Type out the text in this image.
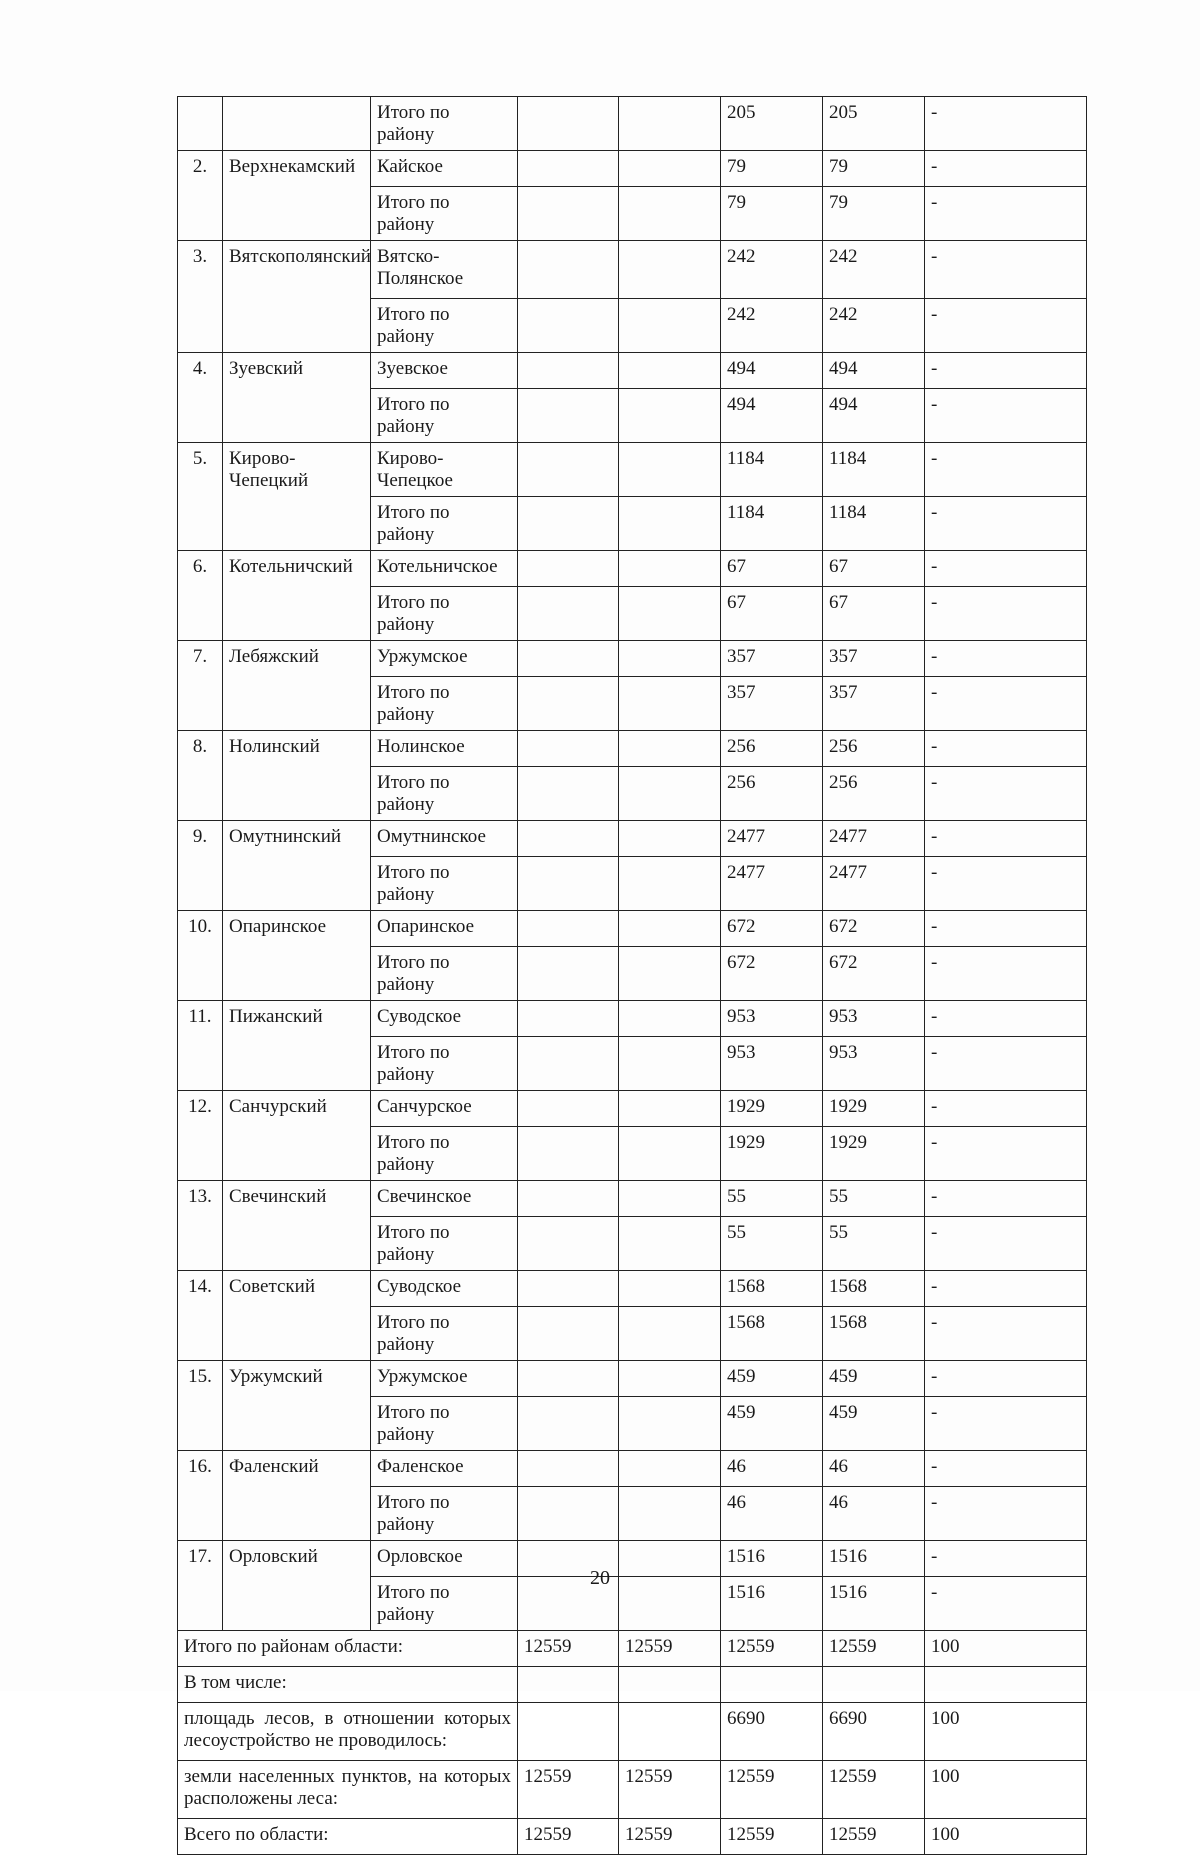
		Итого по району			205	205	-
2.	Верхнекамский	Кайское			79	79	-
		Итого по району			79	79	-
3.	Вятскополянский	Вятско-Полянское			242	242	-
		Итого по району			242	242	-
4.	Зуевский	Зуевское			494	494	-
		Итого по району			494	494	-
5.	Кирово-Чепецкий	Кирово-Чепецкое			1184	1184	-
		Итого по району			1184	1184	-
6.	Котельничский	Котельничское			67	67	-
		Итого по району			67	67	-
7.	Лебяжский	Уржумское			357	357	-
		Итого по району			357	357	-
8.	Нолинский	Нолинское			256	256	-
		Итого по району			256	256	-
9.	Омутнинский	Омутнинское			2477	2477	-
		Итого по району			2477	2477	-
10.	Опаринское	Опаринское			672	672	-
		Итого по району			672	672	-
11.	Пижанский	Суводское			953	953	-
		Итого по району			953	953	-
12.	Санчурский	Санчурское			1929	1929	-
		Итого по району			1929	1929	-
13.	Свечинский	Свечинское			55	55	-
		Итого по району			55	55	-
14.	Советский	Суводское			1568	1568	-
		Итого по району			1568	1568	-
15.	Уржумский	Уржумское			459	459	-
		Итого по району			459	459	-
16.	Фаленский	Фаленское			46	46	-
		Итого по району			46	46	-
17.	Орловский	Орловское			1516	1516	-
		Итого по району			1516	1516	-
Итого по районам области:			12559	12559	12559	12559	100
В том числе:							
площадь лесов, в отношении которых лесоустройство не проводилось:					6690	6690	100
земли населенных пунктов, на которых расположены леса:			12559	12559	12559	12559	100
Всего по области:			12559	12559	12559	12559	100
20
